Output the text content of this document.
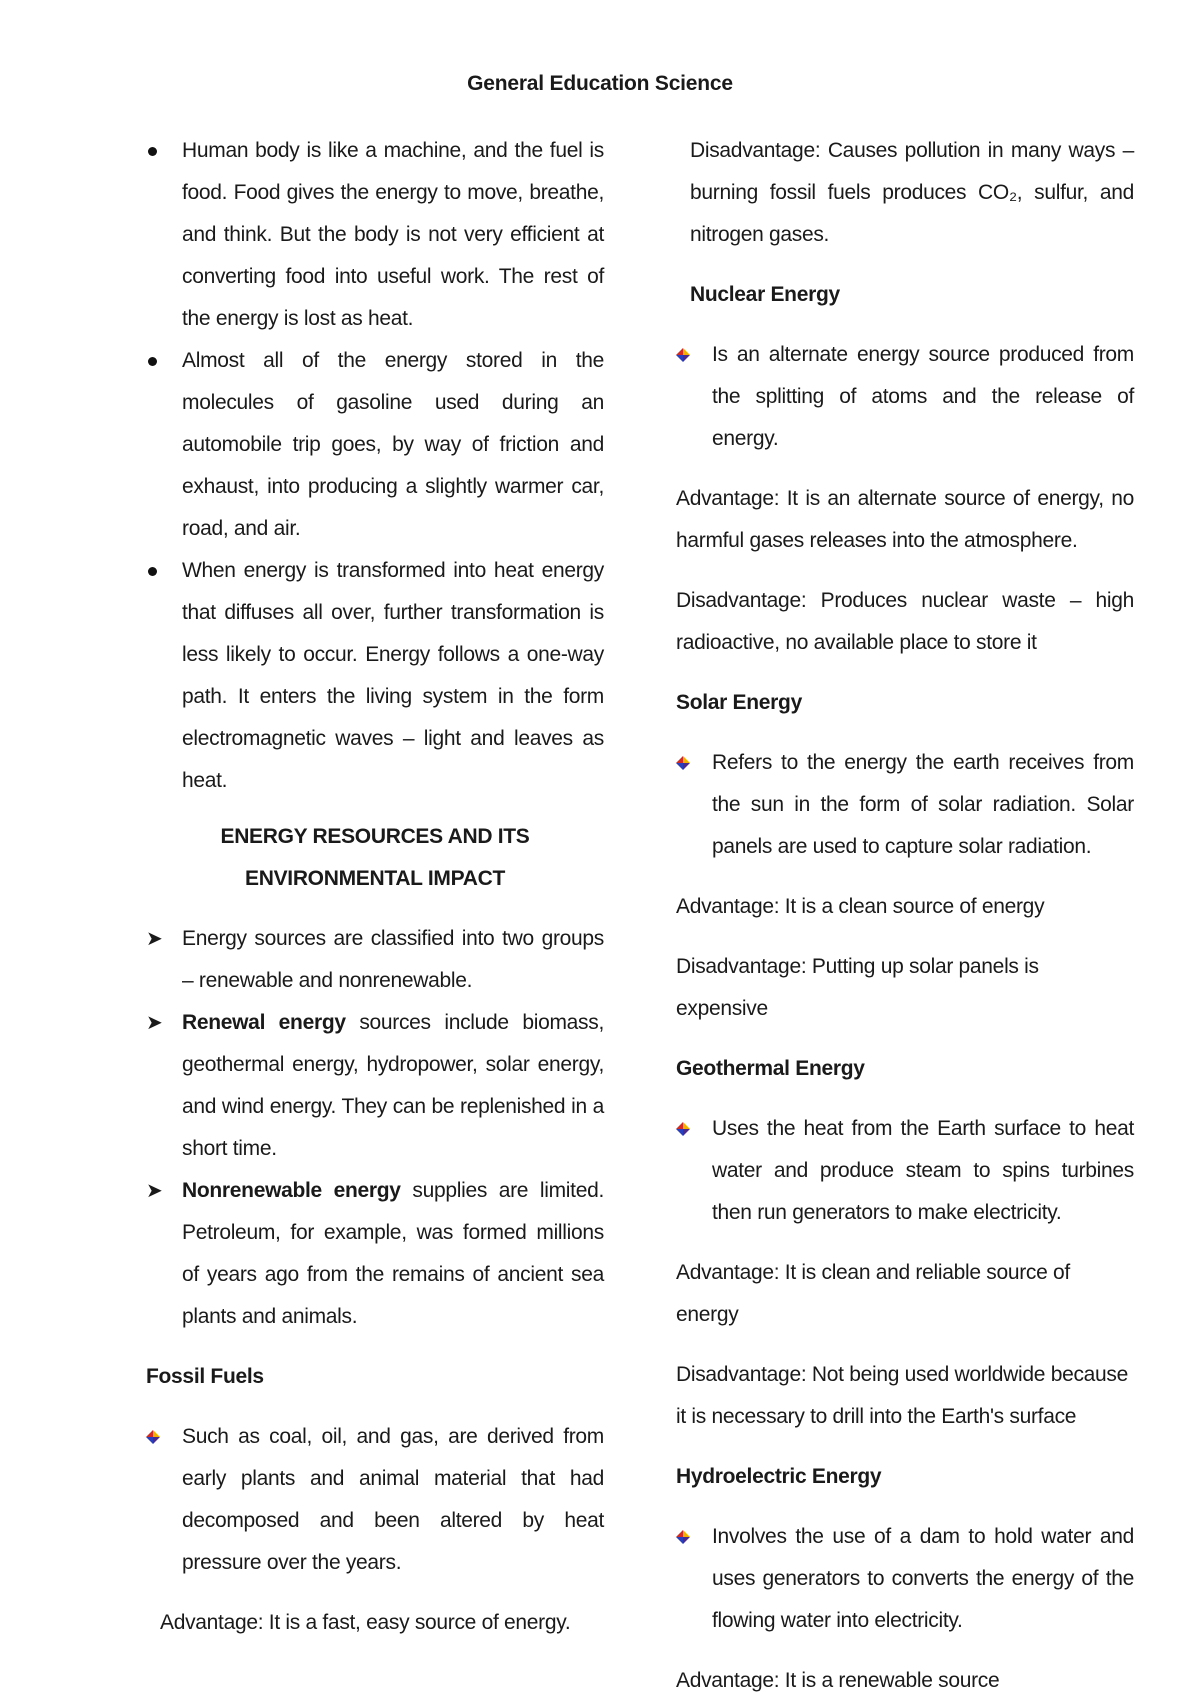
General Education Science
Human body is like a machine, and the fuel is food. Food gives the energy to move, breathe, and think. But the body is not very efficient at converting food into useful work. The rest of the energy is lost as heat.
Almost all of the energy stored in the molecules of gasoline used during an automobile trip goes, by way of friction and exhaust, into producing a slightly warmer car, road, and air.
When energy is transformed into heat energy that diffuses all over, further transformation is less likely to occur. Energy follows a one-way path. It enters the living system in the form electromagnetic waves – light and leaves as heat.
ENERGY RESOURCES AND ITS
ENVIRONMENTAL IMPACT
➤ Energy sources are classified into two groups – renewable and nonrenewable.
➤ Renewal energy sources include biomass, geothermal energy, hydropower, solar energy, and wind energy. They can be replenished in a short time.
➤ Nonrenewable energy supplies are limited. Petroleum, for example, was formed millions of years ago from the remains of ancient sea plants and animals.
Fossil Fuels
Such as coal, oil, and gas, are derived from early plants and animal material that had decomposed and been altered by heat pressure over the years.
Advantage: It is a fast, easy source of energy.
Disadvantage: Causes pollution in many ways – burning fossil fuels produces CO₂, sulfur, and nitrogen gases.
Nuclear Energy
Is an alternate energy source produced from the splitting of atoms and the release of energy.
Advantage: It is an alternate source of energy, no harmful gases releases into the atmosphere.
Disadvantage: Produces nuclear waste – high radioactive, no available place to store it
Solar Energy
Refers to the energy the earth receives from the sun in the form of solar radiation. Solar panels are used to capture solar radiation.
Advantage: It is a clean source of energy
Disadvantage: Putting up solar panels is expensive
Geothermal Energy
Uses the heat from the Earth surface to heat water and produce steam to spins turbines then run generators to make electricity.
Advantage: It is clean and reliable source of energy
Disadvantage: Not being used worldwide because it is necessary to drill into the Earth's surface
Hydroelectric Energy
Involves the use of a dam to hold water and uses generators to converts the energy of the flowing water into electricity.
Advantage: It is a renewable source
